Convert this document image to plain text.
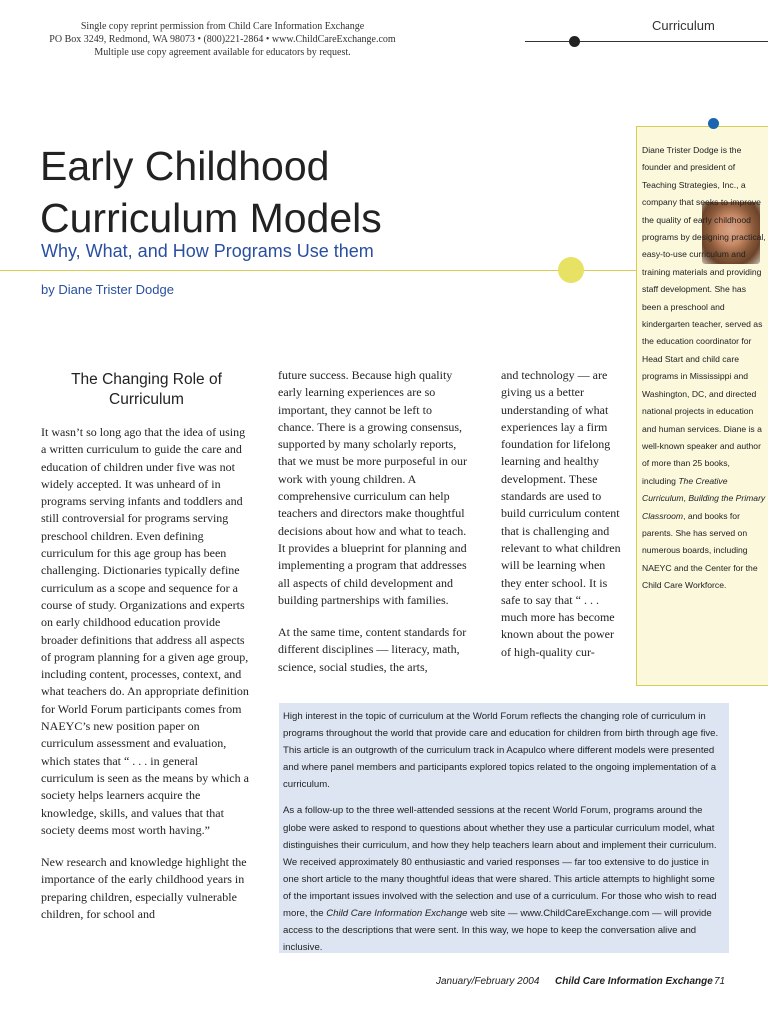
Single copy reprint permission from Child Care Information Exchange
PO Box 3249, Redmond, WA 98073 • (800)221-2864 • www.ChildCareExchange.com
Multiple use copy agreement available for educators by request.
Curriculum
Early Childhood
Curriculum Models
Why, What, and How Programs Use them
by Diane Trister Dodge

Diane Trister Dodge is the founder and president of Teaching Strategies, Inc., a company that seeks to improve the quality of early childhood programs by designing practical, easy-to-use curriculum and training materials and providing staff development. She has been a preschool and kindergarten teacher, served as the education coordinator for Head Start and child care programs in Mississippi and Washington, DC, and directed national projects in education and human services. Diane is a well-known speaker and author of more than 25 books, including The Creative Curriculum, Building the Primary Classroom, and books for parents. She has served on numerous boards, including NAEYC and the Center for the Child Care Workforce.

The Changing Role of Curriculum

It wasn’t so long ago that the idea of using a written curriculum to guide the care and education of children under five was not widely accepted. It was unheard of in programs serving infants and toddlers and still controversial for programs serving preschool children. Even defining curriculum for this age group has been challenging. Dictionaries typically define curriculum as a scope and sequence for a course of study. Organizations and experts on early childhood education provide broader definitions that address all aspects of program planning for a given age group, including content, processes, context, and what teachers do. An appropriate definition for World Forum participants comes from NAEYC’s new position paper on curriculum assessment and evaluation, which states that “ . . . in general curriculum is seen as the means by which a society helps learners acquire the knowledge, skills, and values that that society deems most worth having.”

New research and knowledge highlight the importance of the early childhood years in preparing children, especially vulnerable children, for school and

future success. Because high quality early learning experiences are so important, they cannot be left to chance. There is a growing consensus, supported by many scholarly reports, that we must be more purposeful in our work with young children. A comprehensive curriculum can help teachers and directors make thoughtful decisions about how and what to teach. It provides a blueprint for planning and implementing a program that addresses all aspects of child development and building partnerships with families.

At the same time, content standards for different disciplines — literacy, math, science, social studies, the arts,

and technology — are giving us a better understanding of what experiences lay a firm foundation for lifelong learning and healthy development. These standards are used to build curriculum content that is challenging and relevant to what children will be learning when they enter school. It is safe to say that “ . . . much more has become known about the power of high-quality cur-

High interest in the topic of curriculum at the World Forum reflects the changing role of curriculum in programs throughout the world that provide care and education for children from birth through age five. This article is an outgrowth of the curriculum track in Acapulco where different models were presented and where panel members and participants explored topics related to the ongoing implementation of a curriculum.

As a follow-up to the three well-attended sessions at the recent World Forum, programs around the globe were asked to respond to questions about whether they use a particular curriculum model, what distinguishes their curriculum, and how they help teachers learn about and implement their curriculum. We received approximately 80 enthusiastic and varied responses — far too extensive to do justice in one short article to the many thoughtful ideas that were shared. This article attempts to highlight some of the important issues involved with the selection and use of a curriculum. For those who wish to read more, the Child Care Information Exchange web site — www.ChildCareExchange.com — will provide access to the descriptions that were sent. In this way, we hope to keep the conversation alive and inclusive.

January/February 2004 Child Care Information Exchange 71
